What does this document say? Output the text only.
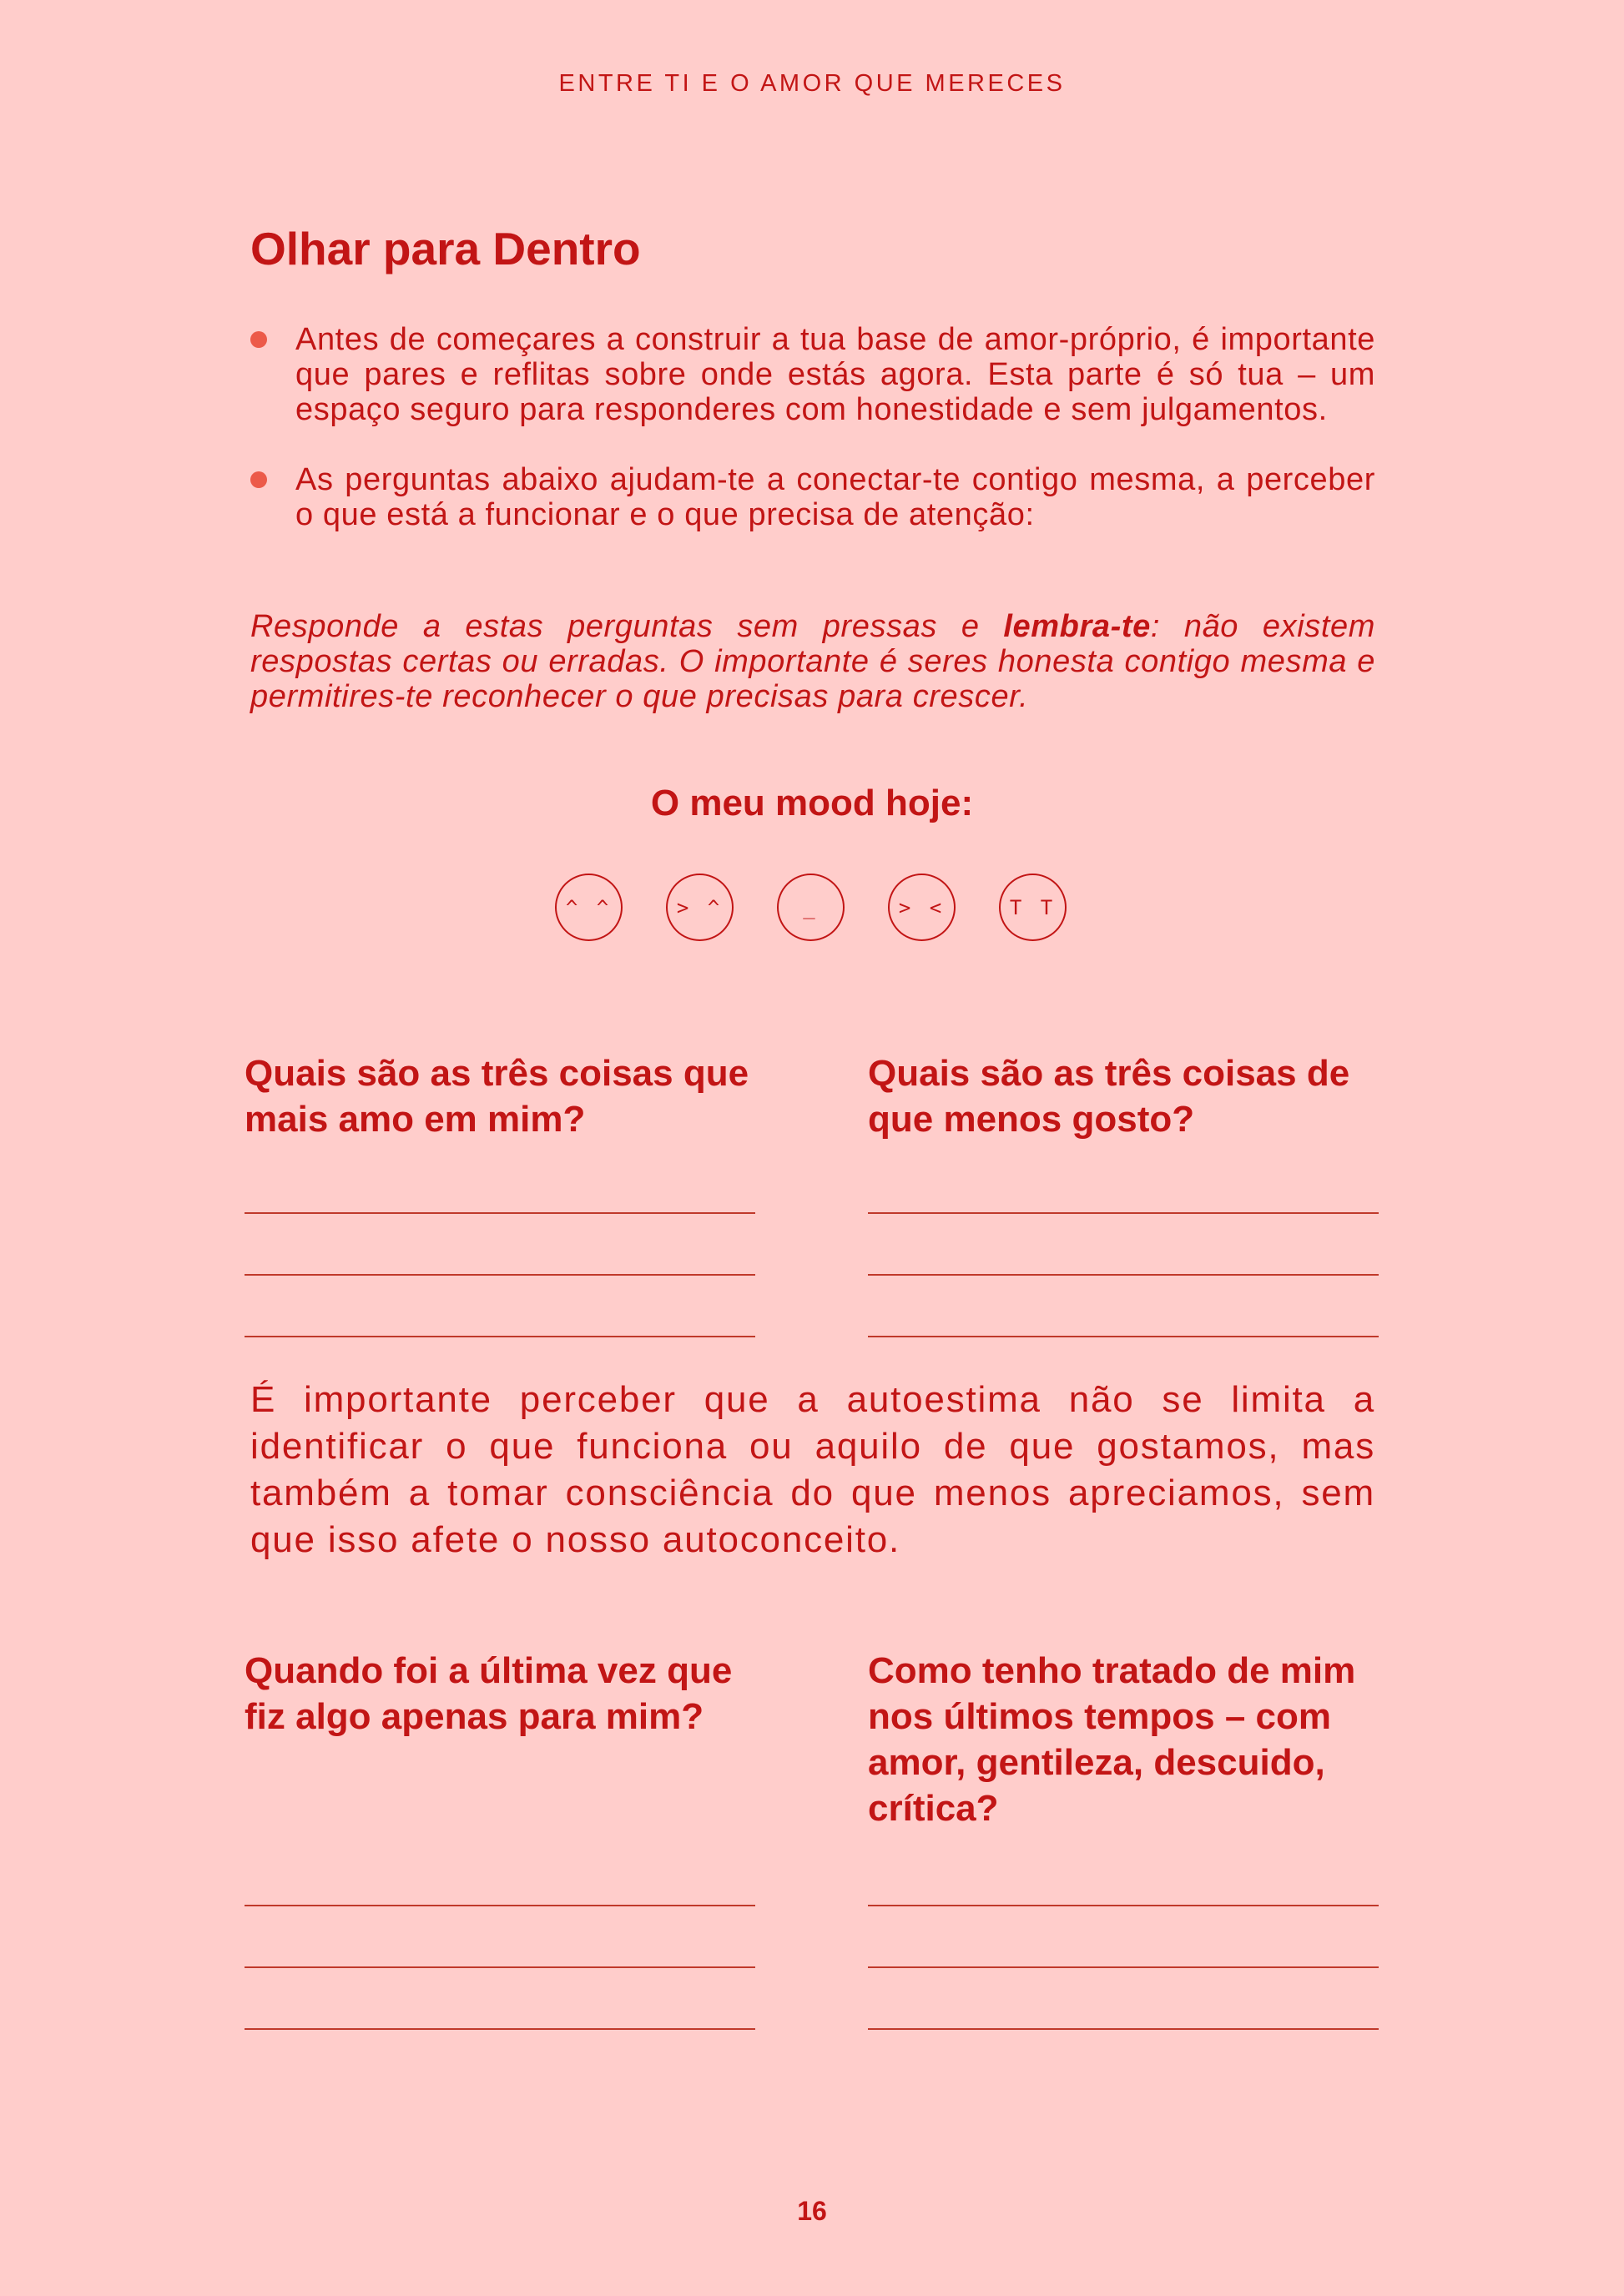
ENTRE TI E O AMOR QUE MERECES
Olhar para Dentro
Antes de começares a construir a tua base de amor-próprio, é importante que pares e reflitas sobre onde estás agora. Esta parte é só tua – um espaço seguro para responderes com honestidade e sem julgamentos.
As perguntas abaixo ajudam-te a conectar-te contigo mesma, a perceber o que está a funcionar e o que precisa de atenção:

Responde a estas perguntas sem pressas e lembra-te: não existem respostas certas ou erradas. O importante é seres honesta contigo mesma e permitires-te reconhecer o que precisas para crescer.

O meu mood hoje:
^ ^	> ^	_	> <	T T
Quais são as três coisas que mais amo em mim?
Quais são as três coisas de que menos gosto?

É importante perceber que a autoestima não se limita a identificar o que funciona ou aquilo de que gostamos, mas também a tomar consciência do que menos apreciamos, sem que isso afete o nosso autoconceito.

Quando foi a última vez que fiz algo apenas para mim?
Como tenho tratado de mim nos últimos tempos – com amor, gentileza, descuido, crítica?
16
